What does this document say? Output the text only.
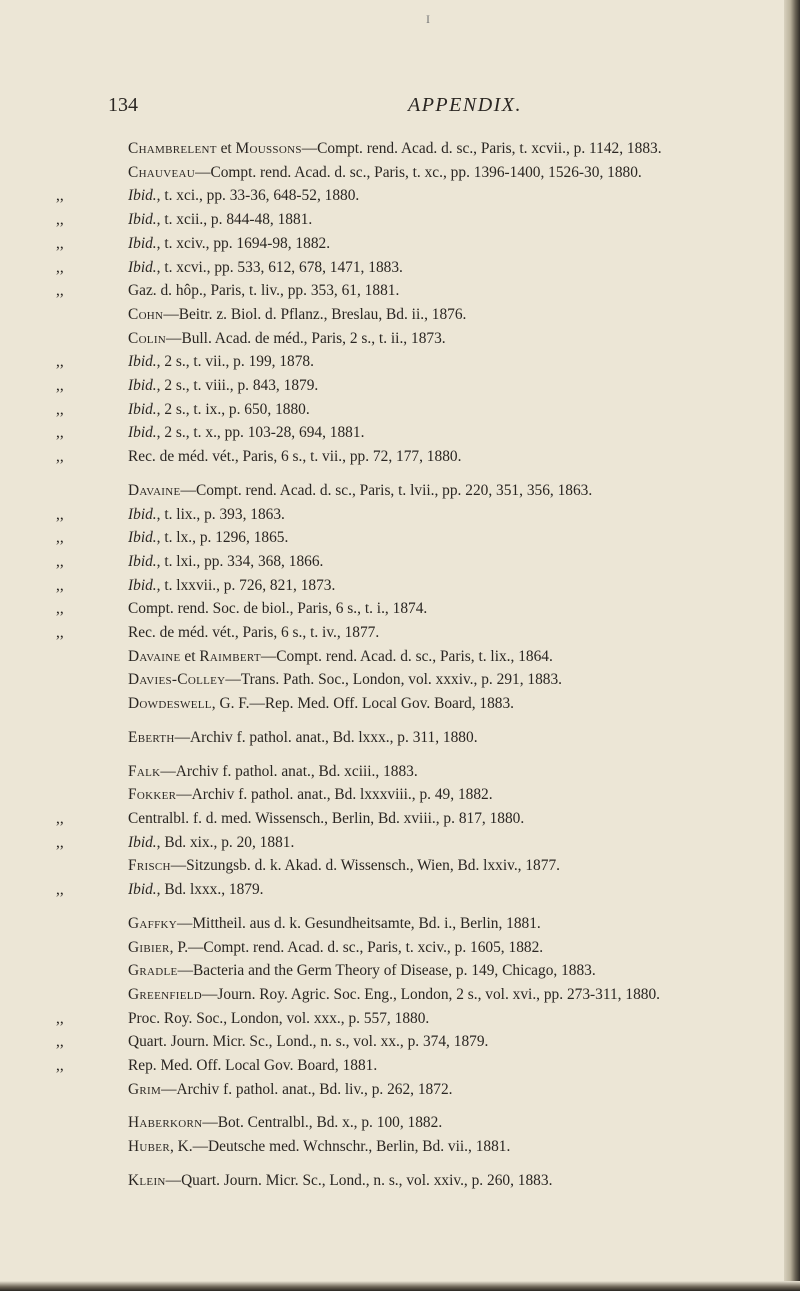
I
134	APPENDIX.
Chambrelent et Moussons—Compt. rend. Acad. d. sc., Paris, t. xcvii., p. 1142, 1883.
Chauveau—Compt. rend. Acad. d. sc., Paris, t. xc., pp. 1396-1400, 1526-30, 1880.
,,	Ibid., t. xci., pp. 33-36, 648-52, 1880.
,,	Ibid., t. xcii., p. 844-48, 1881.
,,	Ibid., t. xciv., pp. 1694-98, 1882.
,,	Ibid., t. xcvi., pp. 533, 612, 678, 1471, 1883.
,,	Gaz. d. hôp., Paris, t. liv., pp. 353, 61, 1881.
Cohn—Beitr. z. Biol. d. Pflanz., Breslau, Bd. ii., 1876.
Colin—Bull. Acad. de méd., Paris, 2 s., t. ii., 1873.
,,	Ibid., 2 s., t. vii., p. 199, 1878.
,,	Ibid., 2 s., t. viii., p. 843, 1879.
,,	Ibid., 2 s., t. ix., p. 650, 1880.
,,	Ibid., 2 s., t. x., pp. 103-28, 694, 1881.
,,	Rec. de méd. vét., Paris, 6 s., t. vii., pp. 72, 177, 1880.
Davaine—Compt. rend. Acad. d. sc., Paris, t. lvii., pp. 220, 351, 356, 1863.
,,	Ibid., t. lix., p. 393, 1863.
,,	Ibid., t. lx., p. 1296, 1865.
,,	Ibid., t. lxi., pp. 334, 368, 1866.
,,	Ibid., t. lxxvii., p. 726, 821, 1873.
,,	Compt. rend. Soc. de biol., Paris, 6 s., t. i., 1874.
,,	Rec. de méd. vét., Paris, 6 s., t. iv., 1877.
Davaine et Raimbert—Compt. rend. Acad. d. sc., Paris, t. lix., 1864.
Davies-Colley—Trans. Path. Soc., London, vol. xxxiv., p. 291, 1883.
Dowdeswell, G. F.—Rep. Med. Off. Local Gov. Board, 1883.
Eberth—Archiv f. pathol. anat., Bd. lxxx., p. 311, 1880.
Falk—Archiv f. pathol. anat., Bd. xciii., 1883.
Fokker—Archiv f. pathol. anat., Bd. lxxxviii., p. 49, 1882.
,,	Centralbl. f. d. med. Wissensch., Berlin, Bd. xviii., p. 817, 1880.
,,	Ibid., Bd. xix., p. 20, 1881.
Frisch—Sitzungsb. d. k. Akad. d. Wissensch., Wien, Bd. lxxiv., 1877.
,,	Ibid., Bd. lxxx., 1879.
Gaffky—Mittheil. aus d. k. Gesundheitsamte, Bd. i., Berlin, 1881.
Gibier, P.—Compt. rend. Acad. d. sc., Paris, t. xciv., p. 1605, 1882.
Gradle—Bacteria and the Germ Theory of Disease, p. 149, Chicago, 1883.
Greenfield—Journ. Roy. Agric. Soc. Eng., London, 2 s., vol. xvi., pp. 273-311, 1880.
,,	Proc. Roy. Soc., London, vol. xxx., p. 557, 1880.
,,	Quart. Journ. Micr. Sc., Lond., n. s., vol. xx., p. 374, 1879.
,,	Rep. Med. Off. Local Gov. Board, 1881.
Grim—Archiv f. pathol. anat., Bd. liv., p. 262, 1872.
Haberkorn—Bot. Centralbl., Bd. x., p. 100, 1882.
Huber, K.—Deutsche med. Wchnschr., Berlin, Bd. vii., 1881.
Klein—Quart. Journ. Micr. Sc., Lond., n. s., vol. xxiv., p. 260, 1883.
